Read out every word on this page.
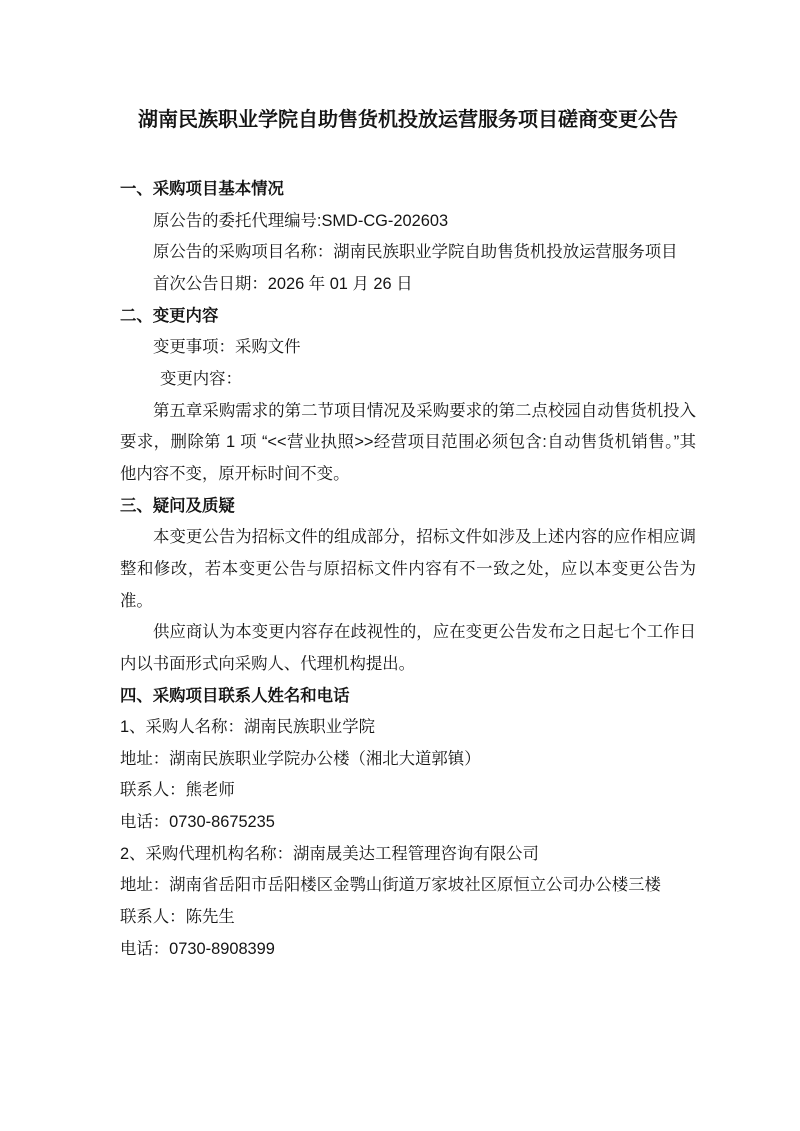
湖南民族职业学院自助售货机投放运营服务项目磋商变更公告
一、采购项目基本情况

原公告的委托代理编号:SMD-CG-202603

原公告的采购项目名称：湖南民族职业学院自助售货机投放运营服务项目

首次公告日期：2026 年 01 月 26 日

二、变更内容

变更事项：采购文件

变更内容：

第五章采购需求的第二节项目情况及采购要求的第二点校园自动售货机投入要求，删除第 1 项 “<<营业执照>>经营项目范围必须包含:自动售货机销售。”其他内容不变，原开标时间不变。

三、疑问及质疑

本变更公告为招标文件的组成部分，招标文件如涉及上述内容的应作相应调整和修改，若本变更公告与原招标文件内容有不一致之处，应以本变更公告为准。

供应商认为本变更内容存在歧视性的，应在变更公告发布之日起七个工作日内以书面形式向采购人、代理机构提出。

四、采购项目联系人姓名和电话

1、采购人名称：湖南民族职业学院

地址：湖南民族职业学院办公楼（湘北大道郭镇）

联系人：熊老师

电话：0730-8675235

2、采购代理机构名称：湖南晟美达工程管理咨询有限公司

地址：湖南省岳阳市岳阳楼区金鹗山街道万家坡社区原恒立公司办公楼三楼

联系人：陈先生

电话：0730-8908399
